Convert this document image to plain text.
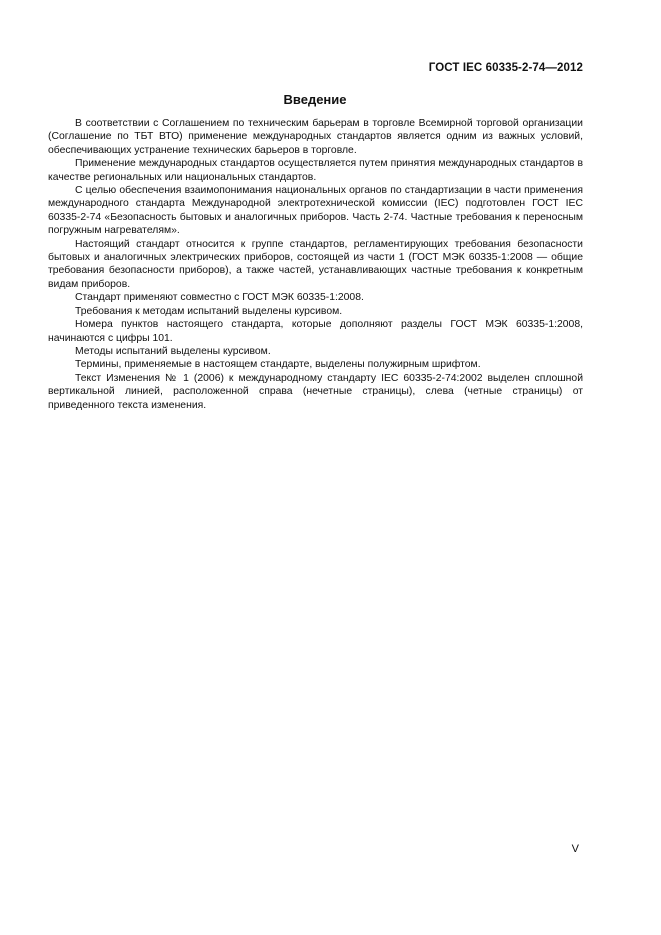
ГОСТ IEC 60335-2-74—2012
Введение

В соответствии с Соглашением по техническим барьерам в торговле Всемирной торговой организации (Соглашение по ТБТ ВТО) применение международных стандартов является одним из важных условий, обеспечивающих устранение технических барьеров в торговле.

Применение международных стандартов осуществляется путем принятия международных стандартов в качестве региональных или национальных стандартов.

С целью обеспечения взаимопонимания национальных органов по стандартизации в части применения международного стандарта Международной электротехнической комиссии (IEC) подготовлен ГОСТ IEC 60335-2-74 «Безопасность бытовых и аналогичных приборов. Часть 2-74. Частные требования к переносным погружным нагревателям».

Настоящий стандарт относится к группе стандартов, регламентирующих требования безопасности бытовых и аналогичных электрических приборов, состоящей из части 1 (ГОСТ МЭК 60335-1:2008 — общие требования безопасности приборов), а также частей, устанавливающих частные требования к конкретным видам приборов.

Стандарт применяют совместно с ГОСТ МЭК 60335-1:2008.

Требования к методам испытаний выделены курсивом.

Номера пунктов настоящего стандарта, которые дополняют разделы ГОСТ МЭК 60335-1:2008, начинаются с цифры 101.

Методы испытаний выделены курсивом.

Термины, применяемые в настоящем стандарте, выделены полужирным шрифтом.

Текст Изменения № 1 (2006) к международному стандарту IEC 60335-2-74:2002 выделен сплошной вертикальной линией, расположенной справа (нечетные страницы), слева (четные страницы) от приведенного текста изменения.

V
